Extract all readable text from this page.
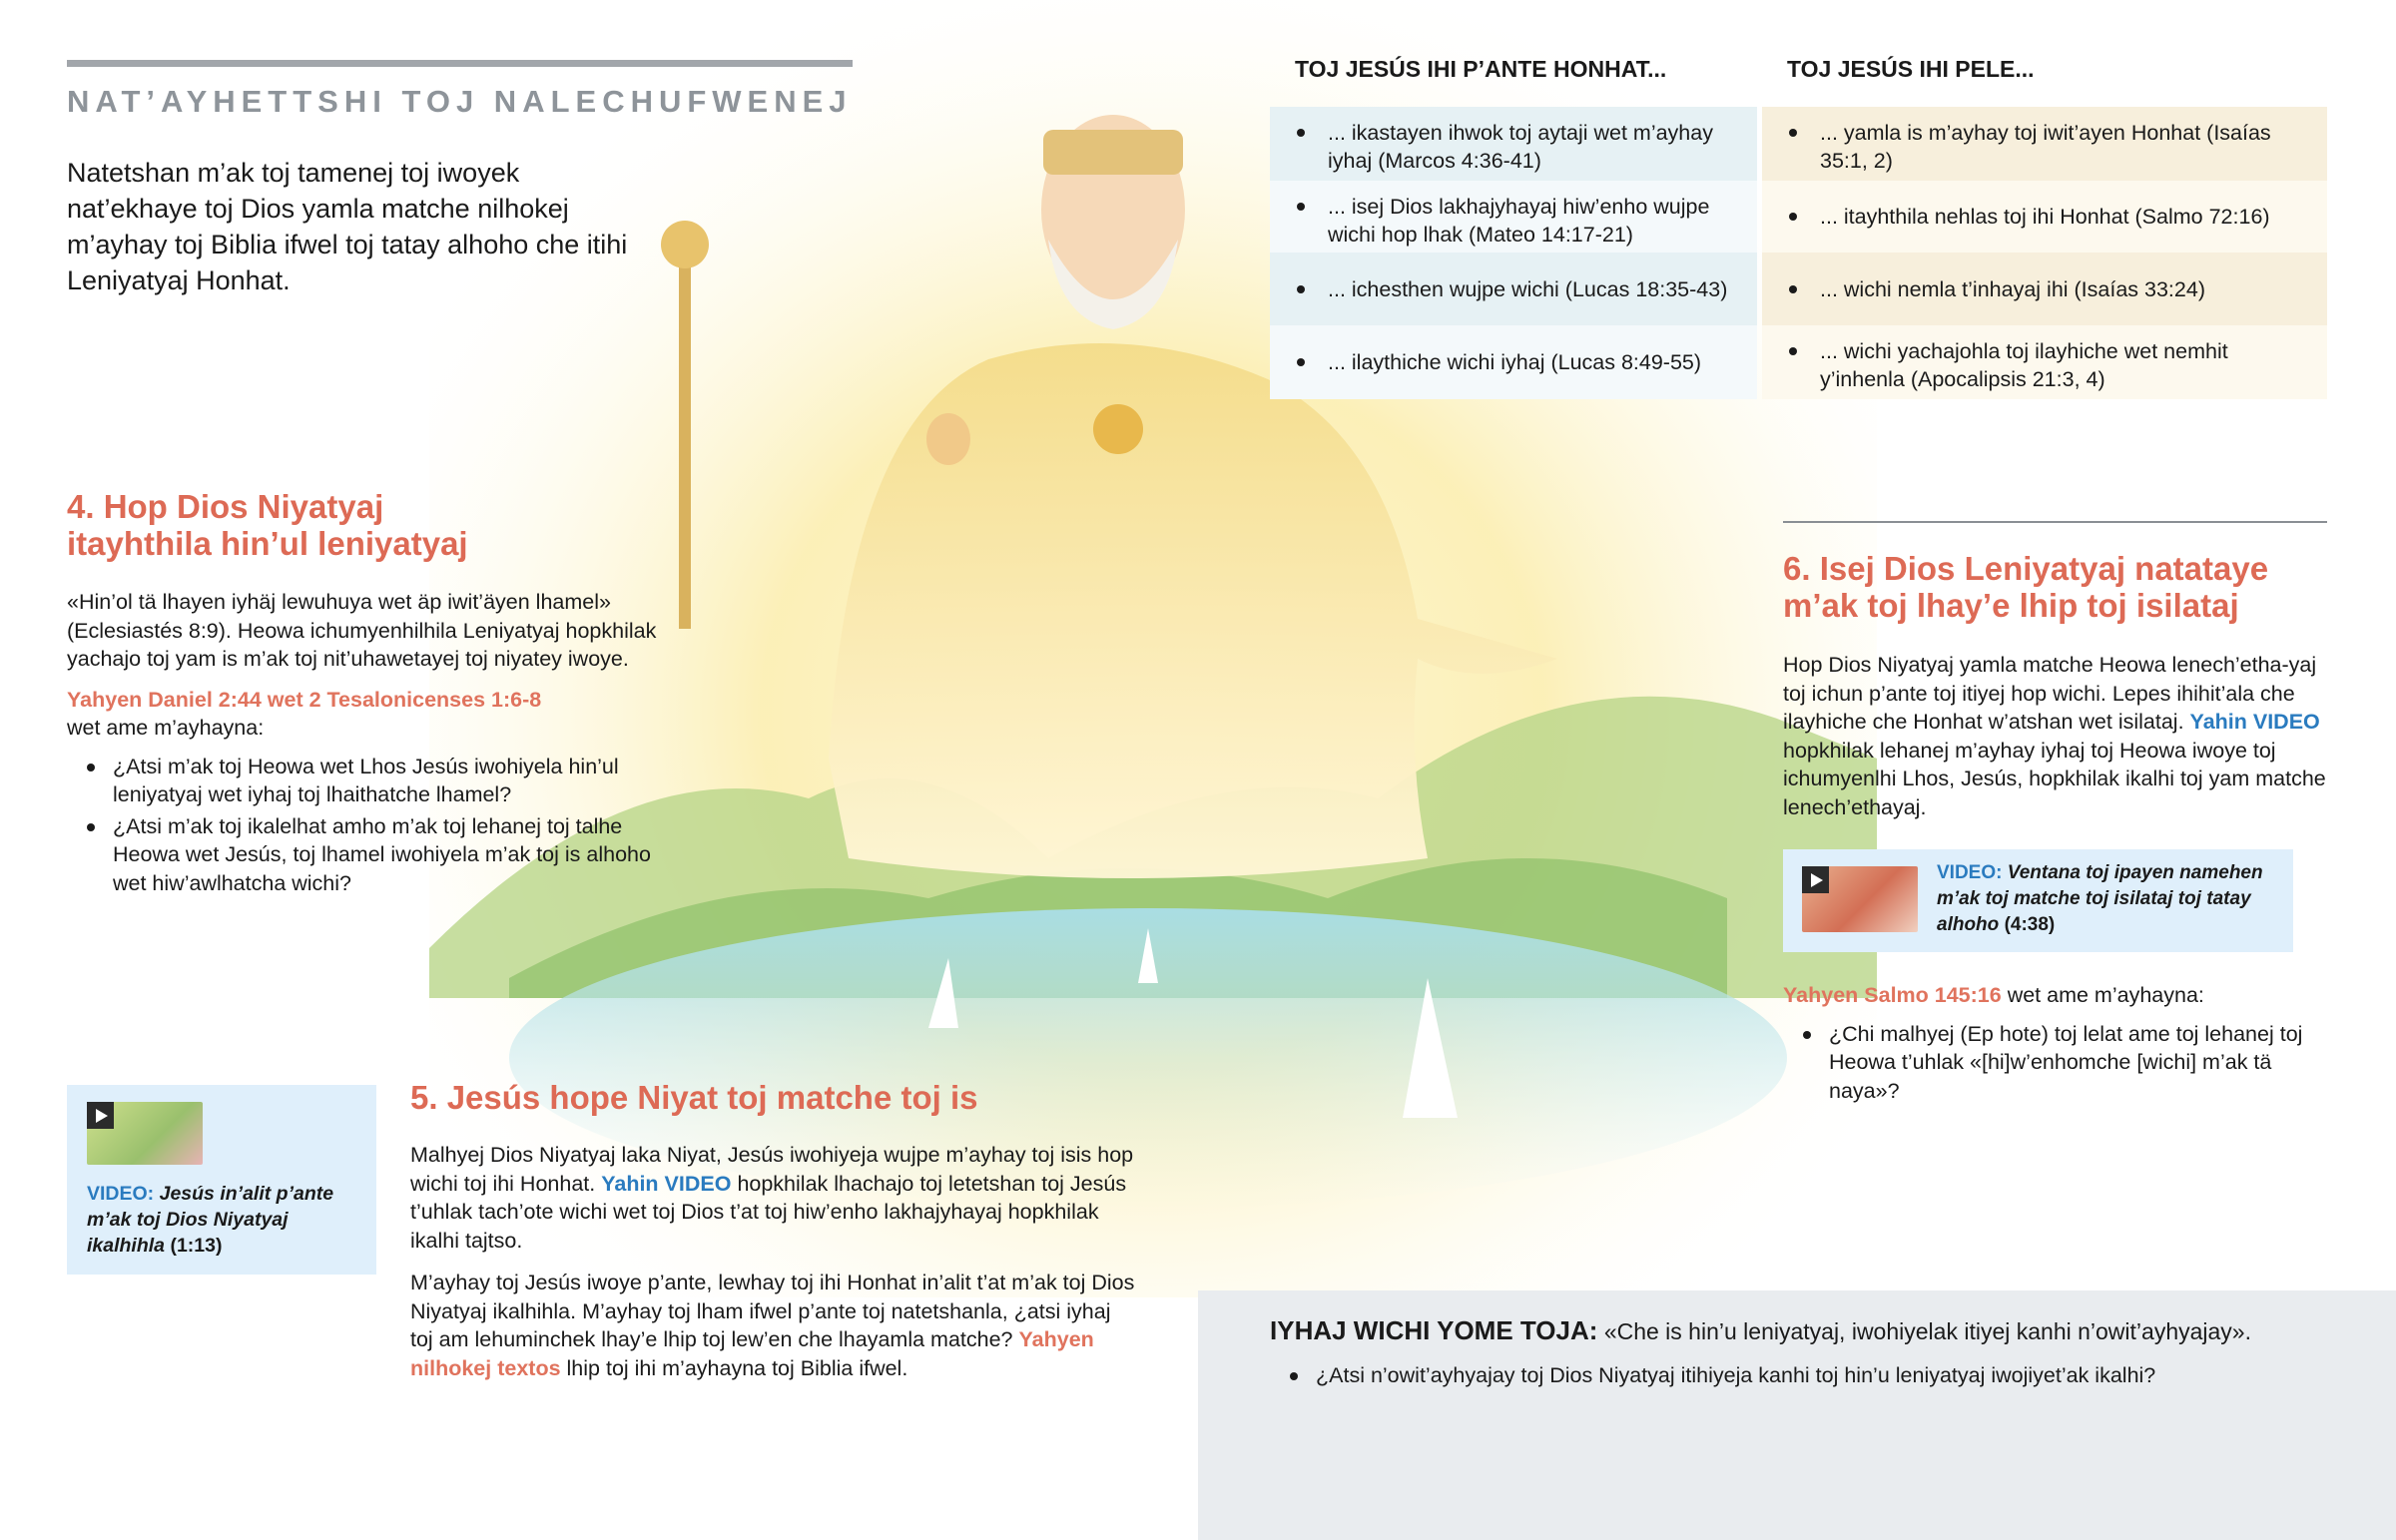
NAT’AYHETTSHI TOJ NALECHUFWENEJ
Natetshan m’ak toj tamenej toj iwoyek nat’ekhaye toj Dios yamla matche nilhokej m’ayhay toj Biblia ifwel toj tatay alhoho che itihi Leniyatyaj Honhat.
TOJ JESÚS IHI P’ANTE HONHAT...	TOJ JESÚS IHI PELE...
... ikastayen ihwok toj aytaji wet m’ayhay iyhaj (Marcos 4:36-41)
... isej Dios lakhajyhayaj hiw’enho wujpe wichi hop lhak (Mateo 14:17-21)
... ichesthen wujpe wichi (Lucas 18:35-43)
... ilaythiche wichi iyhaj (Lucas 8:49-55)
... yamla is m’ayhay toj iwit’ayen Honhat (Isaías 35:1, 2)
... itayhthila nehlas toj ihi Honhat (Salmo 72:16)
... wichi nemla t’inhayaj ihi (Isaías 33:24)
... wichi yachajohla toj ilayhiche wet nemhit y’inhenla (Apocalipsis 21:3, 4)
4. Hop Dios Niyatyaj itayhthila hin’ul leniyatyaj

«Hin’ol tä lhayen iyhäj lewuhuya wet äp iwit’äyen lhamel» (Eclesiastés 8:9). Heowa ichumyenhilhila Leniyatyaj hopkhilak yachajo toj yam is m’ak toj nit’uhawetayej toj niyatey iwoye.

Yahyen Daniel 2:44 wet 2 Tesalonicenses 1:6-8
wet ame m’ayhayna:

¿Atsi m’ak toj Heowa wet Lhos Jesús iwohiyela hin’ul leniyatyaj wet iyhaj toj lhaithatche lhamel?
¿Atsi m’ak toj ikalelhat amho m’ak toj lehanej toj talhe Heowa wet Jesús, toj lhamel iwohiyela m’ak toj is alhoho wet hiw’awlhatcha wichi?
VIDEO: Jesús in’alit p’ante m’ak toj Dios Niyatyaj ikalhihla (1:13)
5. Jesús hope Niyat toj matche toj is

Malhyej Dios Niyatyaj laka Niyat, Jesús iwohiyeja wujpe m’ayhay toj isis hop wichi toj ihi Honhat. Yahin VIDEO hopkhilak lhachajo toj letetshan toj Jesús t’uhlak tach’ote wichi wet toj Dios t’at toj hiw’enho lakhajyhayaj hopkhilak ikalhi tajtso.

M’ayhay toj Jesús iwoye p’ante, lewhay toj ihi Honhat in’alit t’at m’ak toj Dios Niyatyaj ikalhihla. M’ayhay toj lham ifwel p’ante toj natetshanla, ¿atsi iyhaj toj am lehuminchek lhay’e lhip toj lew’en che lhayamla matche? Yahyen nilhokej textos lhip toj ihi m’ayhayna toj Biblia ifwel.

6. Isej Dios Leniyatyaj natataye m’ak toj lhay’e lhip toj isilataj

Hop Dios Niyatyaj yamla matche Heowa lenech’etha-yaj toj ichun p’ante toj itiyej hop wichi. Lepes ihihit’ala che ilayhiche che Honhat w’atshan wet isilataj. Yahin VIDEO hopkhilak lehanej m’ayhay iyhaj toj Heowa iwoye toj ichumyenlhi Lhos, Jesús, hopkhilak ikalhi toj yam matche lenech’ethayaj.

VIDEO: Ventana toj ipayen namehen m’ak toj matche toj isilataj toj tatay alhoho (4:38)

Yahyen Salmo 145:16 wet ame m’ayhayna:

¿Chi malhyej (Ep hote) toj lelat ame toj lehanej toj Heowa t’uhlak «[hi]w’enhomche [wichi] m’ak tä naya»?

IYHAJ WICHI YOME TOJA: «Che is hin’u leniyatyaj, iwohiyelak itiyej kanhi n’owit’ayhyajay».
¿Atsi n’owit’ayhyajay toj Dios Niyatyaj itihiyeja kanhi toj hin’u leniyatyaj iwojiyet’ak ikalhi?
